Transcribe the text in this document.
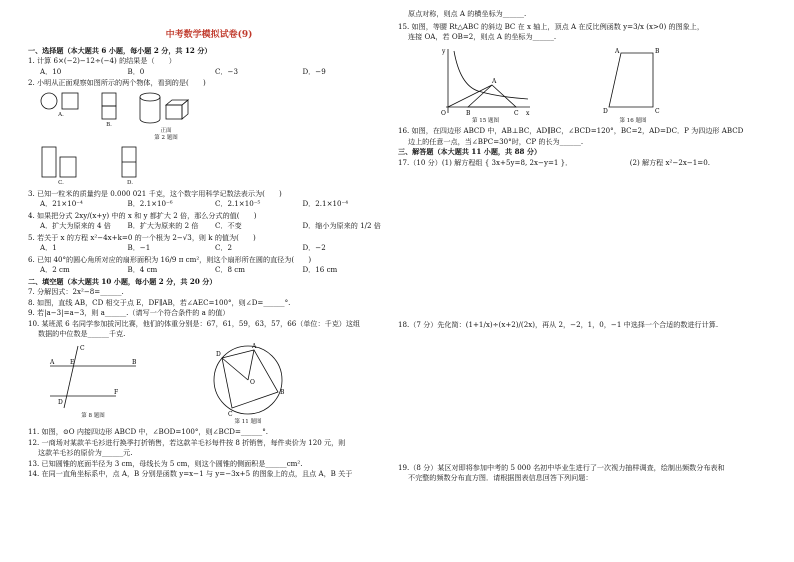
中考数学模拟试卷(9)
一、选择题（本大题共 6 小题，每小题 2 分，共 12 分）
1. 计算 6×(−2)−12÷(−4) 的结果是（　　）
A．10	B．0	C．−3	D．−9
2. 小明从正面观察如图所示的两个物体，看到的是(　　)
A.
B.
正面
第 2 题图
C.	D.
3. 已知一粒米的质量约是 0.000 021 千克，这个数字用科学记数法表示为(　　)
A．21×10⁻⁴	B．2.1×10⁻⁶	C．2.1×10⁻⁵	D．2.1×10⁻⁴
4. 如果把分式 2xy/(x+y) 中的 x 和 y 都扩大 2 倍，那么分式的值(　　)
A．扩大为原来的 4 倍	B．扩大为原来的 2 倍	C．不变	D．缩小为原来的 1/2 倍
5. 若关于 x 的方程 x²−4x+k=0 的一个根为 2−√3，则 k 的值为(　　)
A．1	B．−1	C．2	D．−2
6. 已知 40°的圆心角所对应的扇形面积为 16/9 π cm²，则这个扇形所在圆的直径为(　　)
A．2 cm	B．4 cm	C．8 cm	D．16 cm
二、填空题（本大题共 10 小题，每小题 2 分，共 20 分）
7. 分解因式：2x²−8=______.
8. 如图，直线 AB，CD 相交于点 E，DF∥AB，若∠AEC=100°，则∠D=______°.
9. 若|a−3|=a−3，则 a______.（请写一个符合条件的 a 的值）
10. 某班派 6 名同学参加拔河比赛，他们的体重分别是：67，61，59，63，57，66（单位：千克）这组
数据的中位数是______千克.
A	E	B
C
D
F
第 8 题图
D
A
B
C
O
第 11 题图
11. 如图，⊙O 内接四边形 ABCD 中，∠BOD=100°，则∠BCD=______°.
12. 一商场对某款羊毛衫进行换季打折销售，若这款羊毛衫每件按 8 折销售，每件卖价为 120 元，则
这款羊毛衫的原价为______元.
13. 已知圆锥的底面半径为 3 cm，母线长为 5 cm，则这个圆锥的侧面积是______cm².
14. 在同一直角坐标系中，点 A，B 分别是函数 y=x−1 与 y=−3x+5 的图象上的点，且点 A，B 关于
原点对称，则点 A 的横坐标为______.
15. 如图，等腰 Rt△ABC 的斜边 BC 在 x 轴上，顶点 A 在反比例函数 y=3/x (x>0) 的图象上，
连接 OA，若 OB=2，则点 A 的坐标为______.
y
x
O	B	C
A
第 15 题图
A	B
C
D
第 16 题图
16. 如图，在四边形 ABCD 中，AB⊥BC，AD∥BC，∠BCD=120°，BC=2，AD=DC．P 为四边形 ABCD
边上的任意一点，当∠BPC=30°时，CP 的长为______.
三、解答题（本大题共 11 小题，共 88 分）
17.（10 分）(1) 解方程组 { 3x+5y=8, 2x−y=1 }．	(2) 解方程 x²−2x−1=0.
18.（7 分）先化简：(1+1/x)÷(x+2)/(2x)，再从 2，−2，1，0，−1 中选择一个合适的数进行计算.
19.（8 分）某区对即将参加中考的 5 000 名初中毕业生进行了一次视力抽样调查，绘制出频数分布表和
不完整的频数分布直方图．请根据图表信息回答下列问题：
